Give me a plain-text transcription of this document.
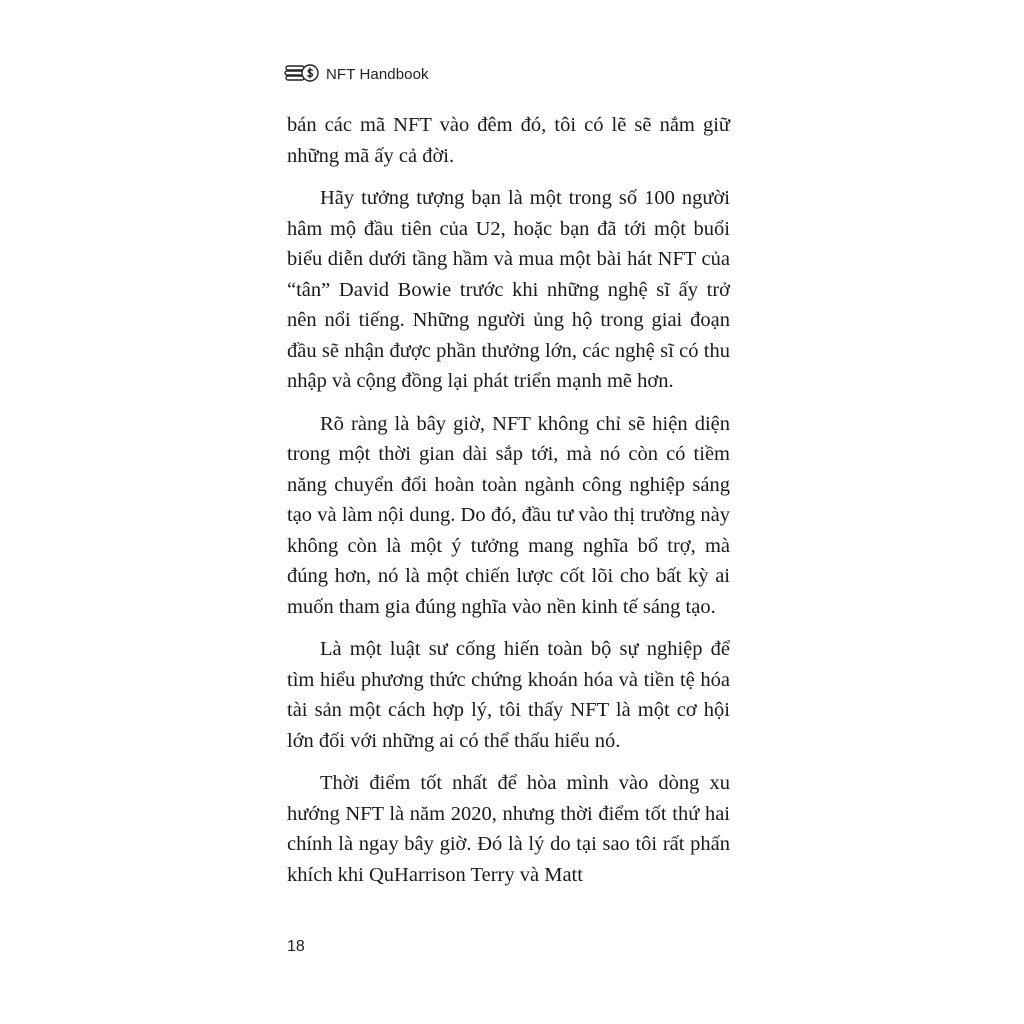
NFT Handbook

bán các mã NFT vào đêm đó, tôi có lẽ sẽ nắm giữ những mã ấy cả đời.

Hãy tưởng tượng bạn là một trong số 100 người hâm mộ đầu tiên của U2, hoặc bạn đã tới một buổi biểu diễn dưới tầng hầm và mua một bài hát NFT của “tân” David Bowie trước khi những nghệ sĩ ấy trở nên nổi tiếng. Những người ủng hộ trong giai đoạn đầu sẽ nhận được phần thưởng lớn, các nghệ sĩ có thu nhập và cộng đồng lại phát triển mạnh mẽ hơn.

Rõ ràng là bây giờ, NFT không chỉ sẽ hiện diện trong một thời gian dài sắp tới, mà nó còn có tiềm năng chuyển đổi hoàn toàn ngành công nghiệp sáng tạo và làm nội dung. Do đó, đầu tư vào thị trường này không còn là một ý tưởng mang nghĩa bổ trợ, mà đúng hơn, nó là một chiến lược cốt lõi cho bất kỳ ai muốn tham gia đúng nghĩa vào nền kinh tế sáng tạo.

Là một luật sư cống hiến toàn bộ sự nghiệp để tìm hiểu phương thức chứng khoán hóa và tiền tệ hóa tài sản một cách hợp lý, tôi thấy NFT là một cơ hội lớn đối với những ai có thể thấu hiểu nó.

Thời điểm tốt nhất để hòa mình vào dòng xu hướng NFT là năm 2020, nhưng thời điểm tốt thứ hai chính là ngay bây giờ. Đó là lý do tại sao tôi rất phấn khích khi QuHarrison Terry và Matt

18
